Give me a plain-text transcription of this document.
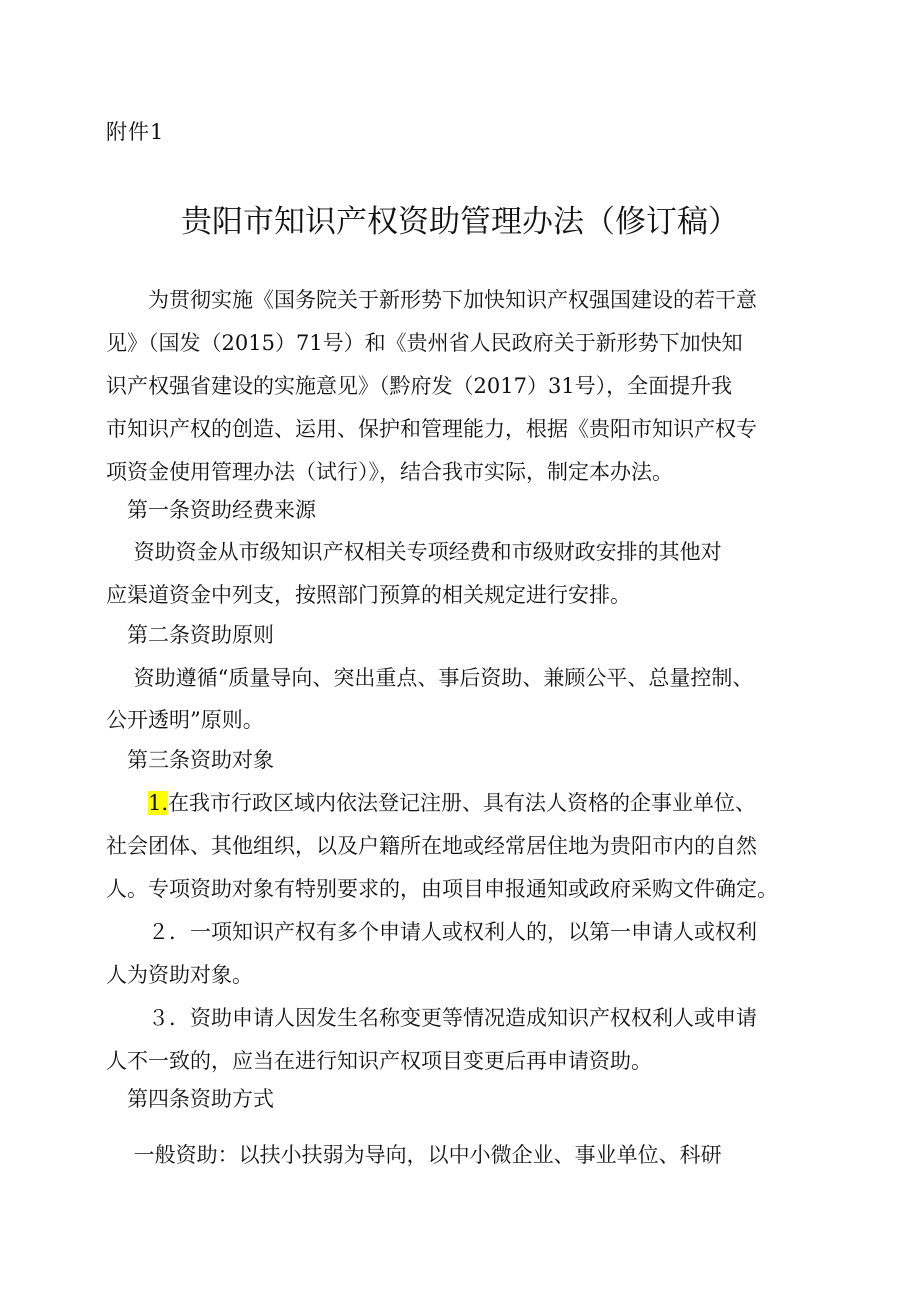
附件1
贵阳市知识产权资助管理办法（修订稿）
　　为贯彻实施《国务院关于新形势下加快知识产权强国建设的若干意
见》（国发（2015）71号）和《贵州省人民政府关于新形势下加快知
识产权强省建设的实施意见》（黔府发（2017）31号），全面提升我
市知识产权的创造、运用、保护和管理能力，根据《贵阳市知识产权专
项资金使用管理办法（试行）》，结合我市实际，制定本办法。
　第一条资助经费来源
　 资助资金从市级知识产权相关专项经费和市级财政安排的其他对
应渠道资金中列支，按照部门预算的相关规定进行安排。
　第二条资助原则
　 资助遵循“质量导向、突出重点、事后资助、兼顾公平、总量控制、
公开透明”原则。
　第三条资助对象
　　1.在我市行政区域内依法登记注册、具有法人资格的企事业单位、
社会团体、其他组织，以及户籍所在地或经常居住地为贵阳市内的自然
人。专项资助对象有特别要求的，由项目申报通知或政府采购文件确定。
　　２．一项知识产权有多个申请人或权利人的，以第一申请人或权利
人为资助对象。
　　３．资助申请人因发生名称变更等情况造成知识产权权利人或申请
人不一致的，应当在进行知识产权项目变更后再申请资助。
　第四条资助方式
　 一般资助：以扶小扶弱为导向，以中小微企业、事业单位、科研
